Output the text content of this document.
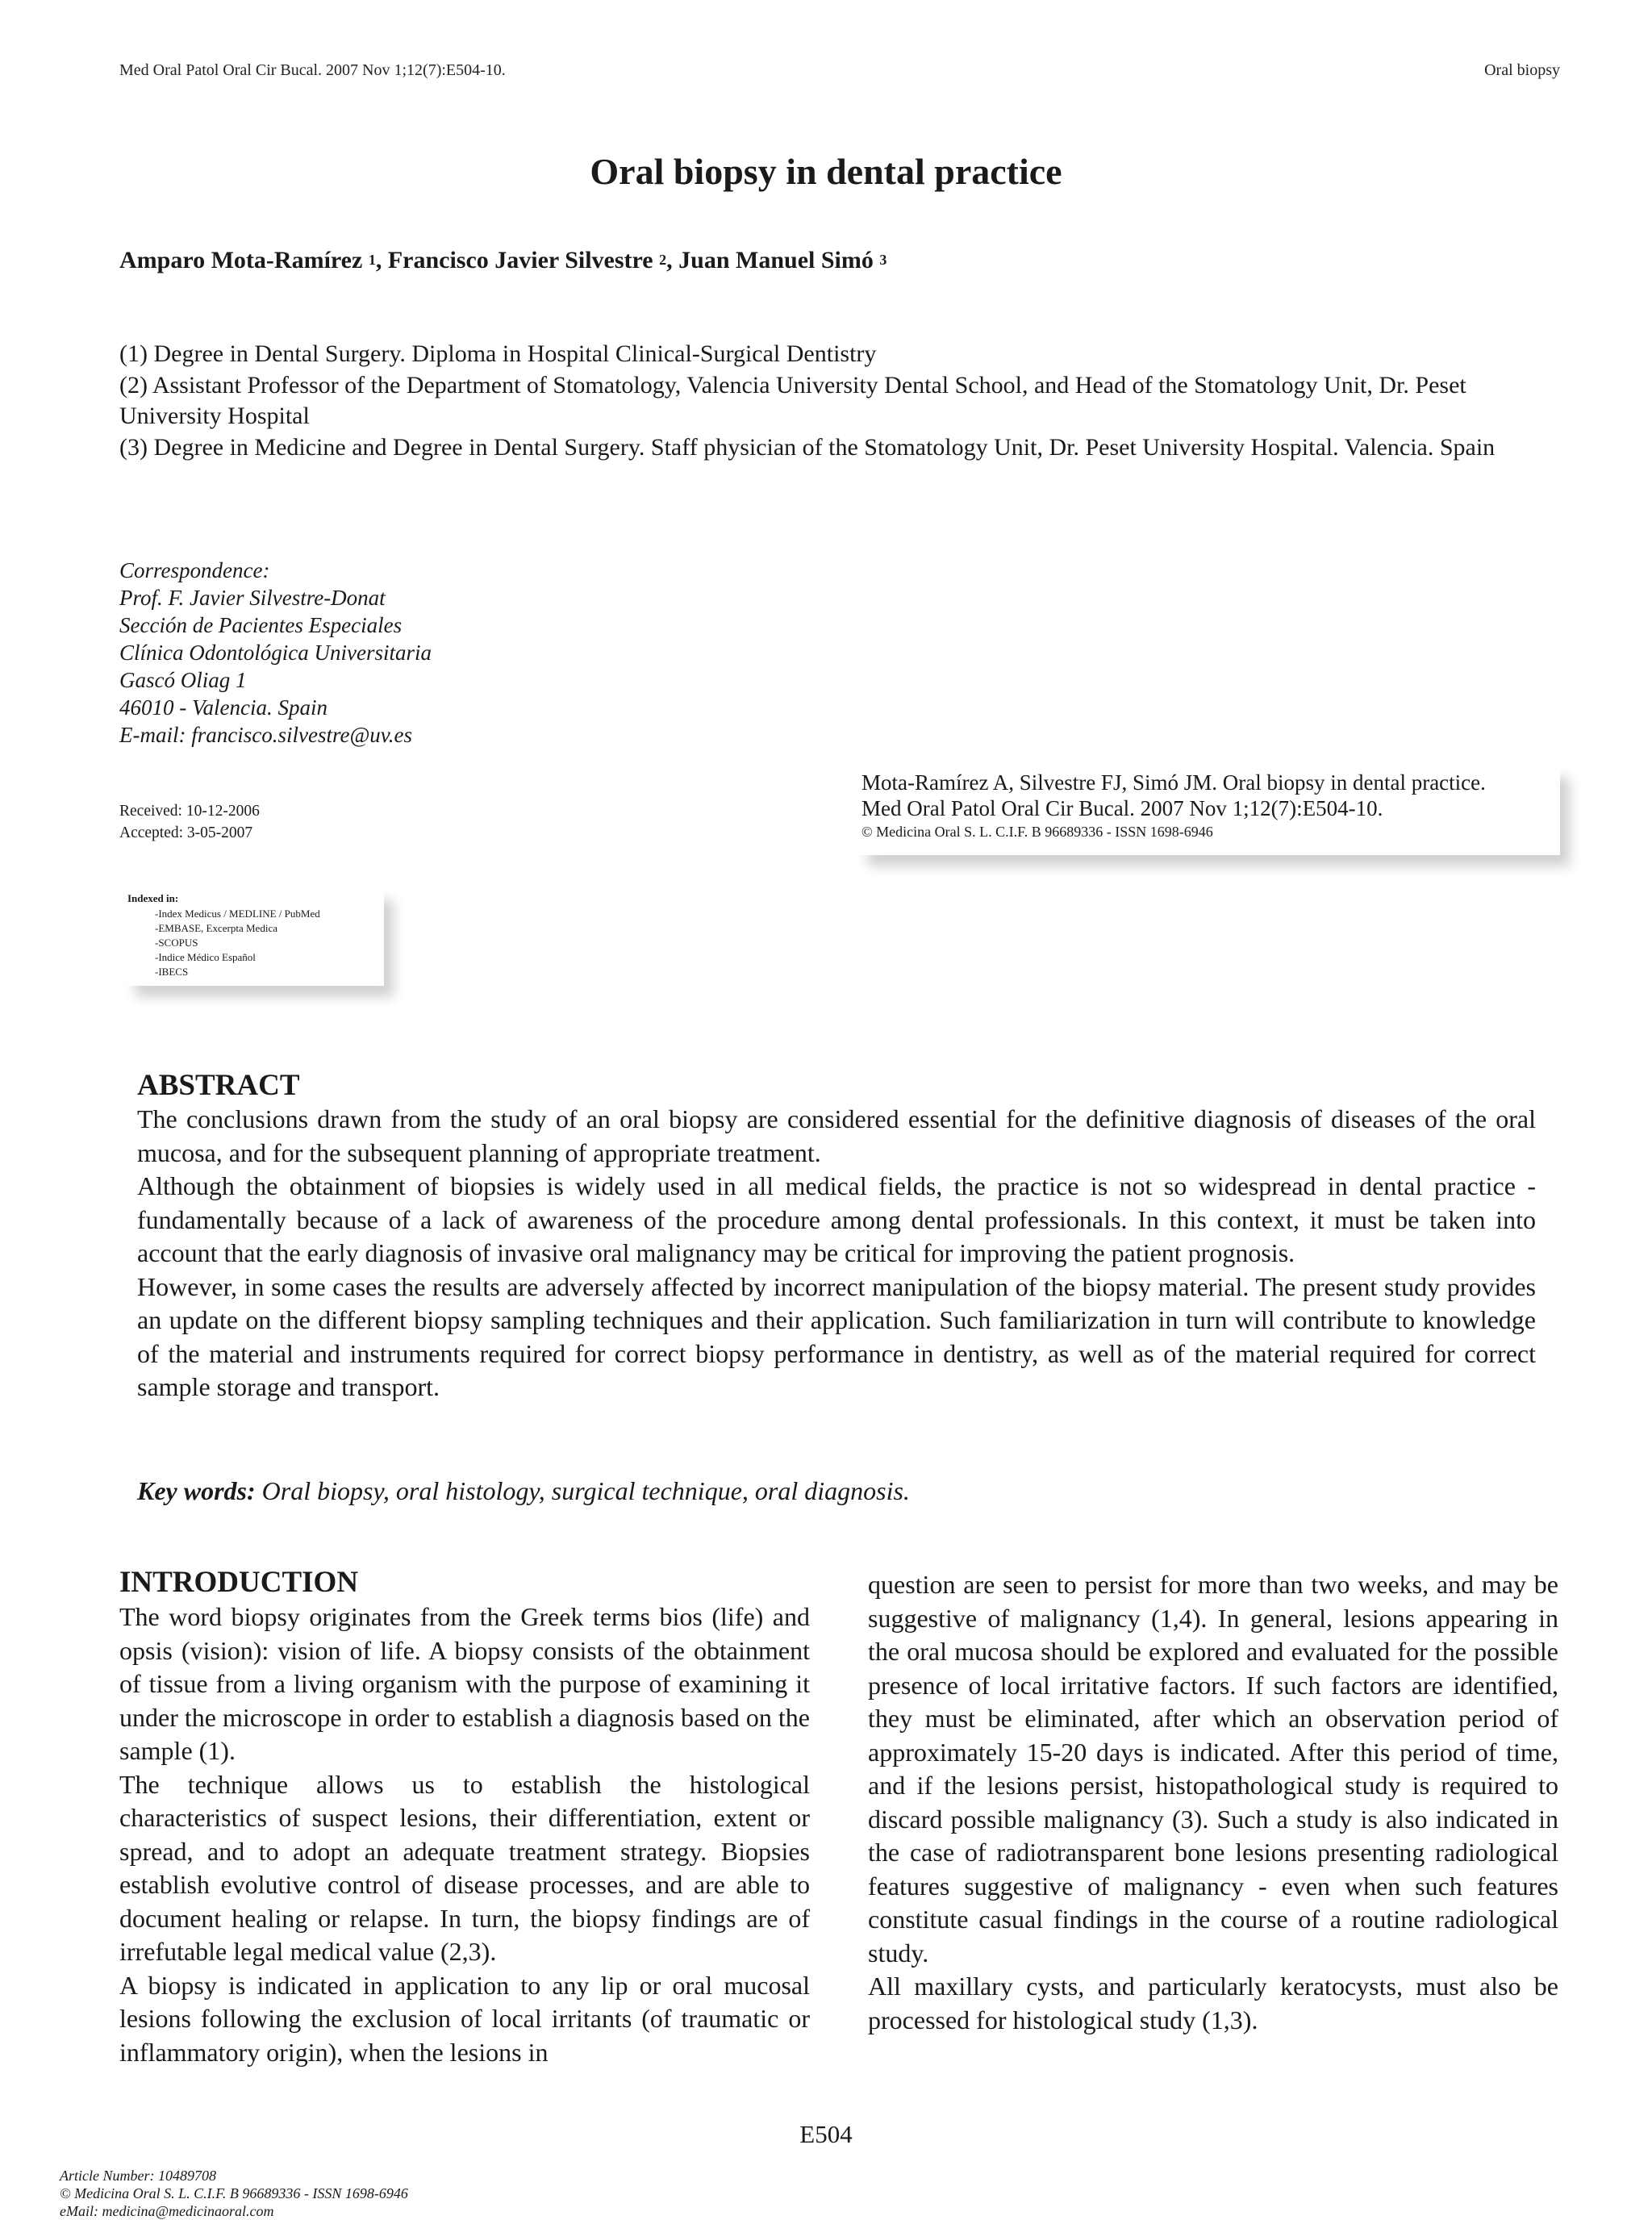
Med Oral Patol Oral Cir Bucal. 2007 Nov 1;12(7):E504-10.	Oral biopsy
Oral biopsy in dental practice
Amparo Mota-Ramírez $^1$, Francisco Javier Silvestre $^2$, Juan Manuel Simó $^3$
(1) Degree in Dental Surgery. Diploma in Hospital Clinical-Surgical Dentistry
(2) Assistant Professor of the Department of Stomatology, Valencia University Dental School, and Head of the Stomatology Unit, Dr. Peset University Hospital
(3) Degree in Medicine and Degree in Dental Surgery. Staff physician of the Stomatology Unit, Dr. Peset University Hospital. Valencia. Spain
Correspondence:
Prof. F. Javier Silvestre-Donat
Sección de Pacientes Especiales
Clínica Odontológica Universitaria
Gascó Oliag 1
46010 - Valencia. Spain
E-mail: francisco.silvestre@uv.es
Received: 10-12-2006
Accepted: 3-05-2007
Mota-Ramírez A, Silvestre FJ, Simó JM. Oral biopsy in dental practice.
Med Oral Patol Oral Cir Bucal. 2007 Nov 1;12(7):E504-10.
© Medicina Oral S. L. C.I.F. B 96689336 - ISSN 1698-6946
Indexed in:
-Index Medicus / MEDLINE / PubMed
-EMBASE, Excerpta Medica
-SCOPUS
-Indice Médico Español
-IBECS
ABSTRACT

The conclusions drawn from the study of an oral biopsy are considered essential for the definitive diagnosis of diseases of the oral mucosa, and for the subsequent planning of appropriate treatment.

Although the obtainment of biopsies is widely used in all medical fields, the practice is not so widespread in dental practice - fundamentally because of a lack of awareness of the procedure among dental professionals. In this context, it must be taken into account that the early diagnosis of invasive oral malignancy may be critical for improving the patient prognosis.

However, in some cases the results are adversely affected by incorrect manipulation of the biopsy material. The present study provides an update on the different biopsy sampling techniques and their application. Such familiarization in turn will contribute to knowledge of the material and instruments required for correct biopsy performance in dentistry, as well as of the material required for correct sample storage and transport.

Key words: Oral biopsy, oral histology, surgical technique, oral diagnosis.
INTRODUCTION

The word biopsy originates from the Greek terms bios (life) and opsis (vision): vision of life. A biopsy consists of the obtainment of tissue from a living organism with the purpose of examining it under the microscope in order to establish a diagnosis based on the sample (1).

The technique allows us to establish the histological characteristics of suspect lesions, their differentiation, extent or spread, and to adopt an adequate treatment strategy. Biopsies establish evolutive control of disease processes, and are able to document healing or relapse. In turn, the biopsy findings are of irrefutable legal medical value (2,3).

A biopsy is indicated in application to any lip or oral mucosal lesions following the exclusion of local irritants (of traumatic or inflammatory origin), when the lesions in

question are seen to persist for more than two weeks, and may be suggestive of malignancy (1,4). In general, lesions appearing in the oral mucosa should be explored and evaluated for the possible presence of local irritative factors. If such factors are identified, they must be eliminated, after which an observation period of approximately 15-20 days is indicated. After this period of time, and if the lesions persist, histopathological study is required to discard possible malignancy (3). Such a study is also indicated in the case of radiotransparent bone lesions presenting radiological features suggestive of malignancy - even when such features constitute casual findings in the course of a routine radiological study.

All maxillary cysts, and particularly keratocysts, must also be processed for histological study (1,3).

E504
Article Number: 10489708
© Medicina Oral S. L. C.I.F. B 96689336 - ISSN 1698-6946
eMail: medicina@medicinaoral.com
